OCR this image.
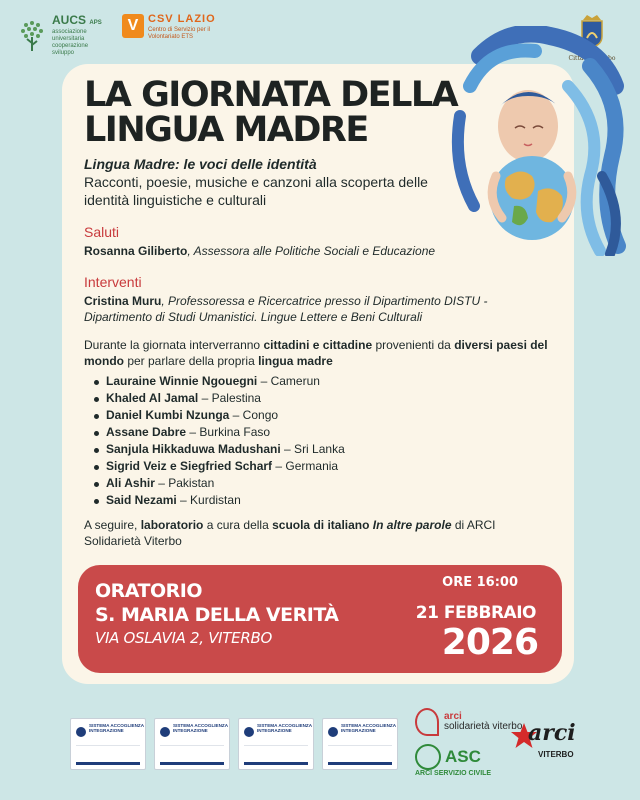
AUCS APS
associazione universitaria cooperazione sviluppo
V CSV LAZIO
Centro di Servizio per il Volontariato ETS
Città di Viterbo
LA GIORNATA DELLA LINGUA MADRE

Lingua Madre: le voci delle identità

Racconti, poesie, musiche e canzoni alla scoperta delle identità linguistiche e culturali

Saluti

Rosanna Giliberto, Assessora alle Politiche Sociali e Educazione

Interventi

Cristina Muru, Professoressa e Ricercatrice presso il Dipartimento DISTU - Dipartimento di Studi Umanistici. Lingue Lettere e Beni Culturali

Durante la giornata interverranno cittadini e cittadine provenienti da diversi paesi del mondo per parlare della propria lingua madre

Lauraine Winnie Ngouegni – Camerun
Khaled Al Jamal – Palestina
Daniel Kumbi Nzunga – Congo
Assane Dabre – Burkina Faso
Sanjula Hikkaduwa Madushani – Sri Lanka
Sigrid Veiz e Siegfried Scharf – Germania
Ali Ashir – Pakistan
Said Nezami – Kurdistan

A seguire, laboratorio a cura della scuola di italiano In altre parole di ARCI Solidarietà Viterbo

ORATORIO
S. MARIA DELLA VERITÀ
VIA OSLAVIA 2, VITERBO
ORE 16:00
21 FEBBRAIO
2026
SISTEMA ACCOGLIENZA INTEGRAZIONE
SISTEMA ACCOGLIENZA INTEGRAZIONE
SISTEMA ACCOGLIENZA INTEGRAZIONE
SISTEMA ACCOGLIENZA INTEGRAZIONE
arci
solidarietà viterbo
ASC
ARCI SERVIZIO CIVILE
arci
VITERBO
